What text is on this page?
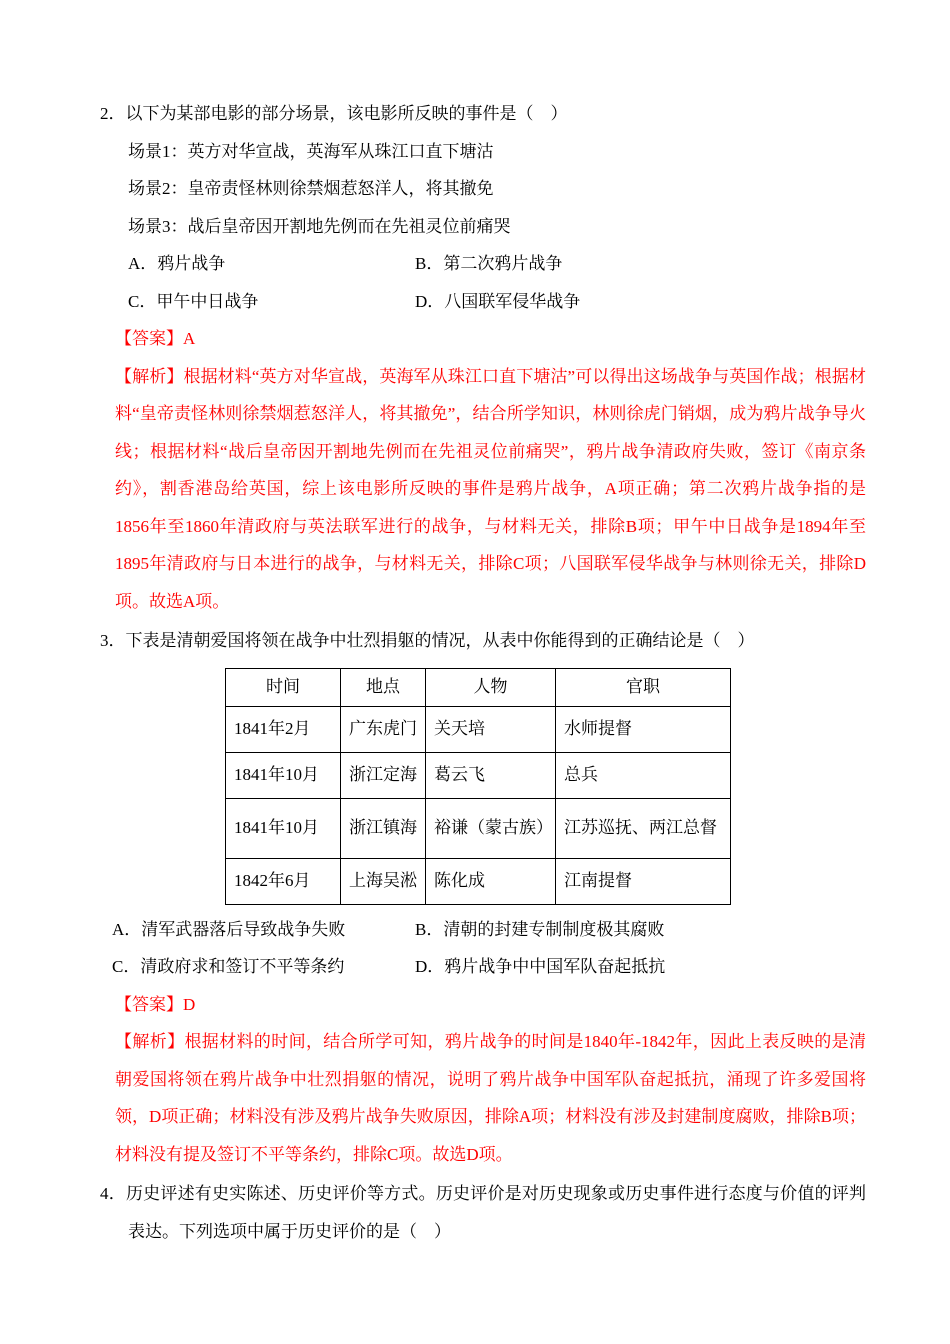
2．以下为某部电影的部分场景，该电影所反映的事件是（　）

场景1：英方对华宣战，英海军从珠江口直下塘沽

场景2：皇帝责怪林则徐禁烟惹怒洋人，将其撤免

场景3：战后皇帝因开割地先例而在先祖灵位前痛哭

A．鸦片战争	B．第二次鸦片战争

C．甲午中日战争	D．八国联军侵华战争

【答案】A

【解析】根据材料“英方对华宣战，英海军从珠江口直下塘沽”可以得出这场战争与英国作战；根据材料“皇帝责怪林则徐禁烟惹怒洋人，将其撤免”，结合所学知识，林则徐虎门销烟，成为鸦片战争导火线；根据材料“战后皇帝因开割地先例而在先祖灵位前痛哭”，鸦片战争清政府失败，签订《南京条约》，割香港岛给英国，综上该电影所反映的事件是鸦片战争，A项正确；第二次鸦片战争指的是1856年至1860年清政府与英法联军进行的战争，与材料无关，排除B项；甲午中日战争是1894年至1895年清政府与日本进行的战争，与材料无关，排除C项；八国联军侵华战争与林则徐无关，排除D项。故选A项。

3．下表是清朝爱国将领在战争中壮烈捐躯的情况，从表中你能得到的正确结论是（　）

时间	地点	人物	官职
1841年2月	广东虎门	关天培	水师提督
1841年10月	浙江定海	葛云飞	总兵
1841年10月	浙江镇海	裕谦（蒙古族）	江苏巡抚、两江总督
1842年6月	上海吴淞	陈化成	江南提督

A．清军武器落后导致战争失败	B．清朝的封建专制制度极其腐败

C．清政府求和签订不平等条约	D．鸦片战争中中国军队奋起抵抗

【答案】D

【解析】根据材料的时间，结合所学可知，鸦片战争的时间是1840年-1842年，因此上表反映的是清朝爱国将领在鸦片战争中壮烈捐躯的情况，说明了鸦片战争中国军队奋起抵抗，涌现了许多爱国将领，D项正确；材料没有涉及鸦片战争失败原因，排除A项；材料没有涉及封建制度腐败，排除B项；材料没有提及签订不平等条约，排除C项。故选D项。

4．历史评述有史实陈述、历史评价等方式。历史评价是对历史现象或历史事件进行态度与价值的评判表达。下列选项中属于历史评价的是（　）
